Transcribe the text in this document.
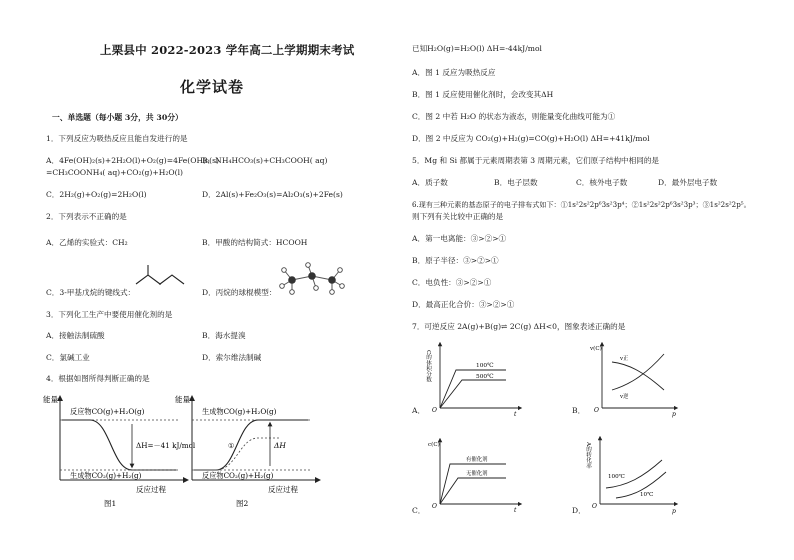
上栗县中 2022-2023 学年高二上学期期末考试
化学试卷
一、单选题（每小题 3分，共 30分）
1．下列反应为吸热反应且能自发进行的是
A．4Fe(OH)₂(s)+2H₂O(l)+O₂(g)=4Fe(OH)₃(s)
B．NH₄HCO₃(s)+CH₃COOH( aq)
=CH₃COONH₄( aq)+CO₂(g)+H₂O(l)
C．2H₂(g)+O₂(g)=2H₂O(l)	D．2Al(s)+Fe₂O₃(s)=Al₂O₃(s)+2Fe(s)
2．下列表示不正确的是
A．乙烯的实验式：CH₂	B．甲酸的结构简式：HCOOH
C．3-甲基戊烷的键线式：	D．丙烷的球棍模型：
3．下列化工生产中要使用催化剂的是
A．接触法制硫酸	B．海水提溴
C．氯碱工业	D．索尔维法制碱
4．根据如图所得判断正确的是
能量
反应物CO(g)+H₂O(g)
ΔH=－41 kJ/mol
生成物CO₂(g)+H₂(g)
反应过程
图1
能量
生成物CO(g)+H₂O(g)
①	ΔH
反应物CO₂(g)+H₂(g)
反应过程
图2
已知H₂O(g)=H₂O(l) ΔH=-44kJ/mol
A．图 1 反应为吸热反应
B．图 1 反应使用催化剂时，会改变其ΔH
C．图 2 中若 H₂O 的状态为液态，则能量变化曲线可能为①
D．图 2 中反应为 CO₂(g)+H₂(g)=CO(g)+H₂O(l) ΔH=+41kJ/mol
5．Mg 和 Si 都属于元素周期表第 3 周期元素，它们原子结构中相同的是
A．质子数	B．电子层数	C．核外电子数	D．最外层电子数
6.现有三种元素的基态原子的电子排布式如下：①1s²2s²2p⁶3s²3p⁴；②1s²2s²2p⁶3s²3p³；③1s²2s²2p⁵。
则下列有关比较中正确的是
A．第一电离能：③>②>①
B．原子半径：③>②>①
C．电负性：③>②>①
D．最高正化合价：③>②>①
7．可逆反应 2A(g)+B(g)⇌ 2C(g) ΔH<0，图象表述正确的是
A．
C的体积分数	100℃
500℃
O
t	B．
v(C)
v正
v逆
O
p
C．
c(C)
有催化剂
无催化剂
O
t	D．
A的转化率
100℃
10℃
O
p
